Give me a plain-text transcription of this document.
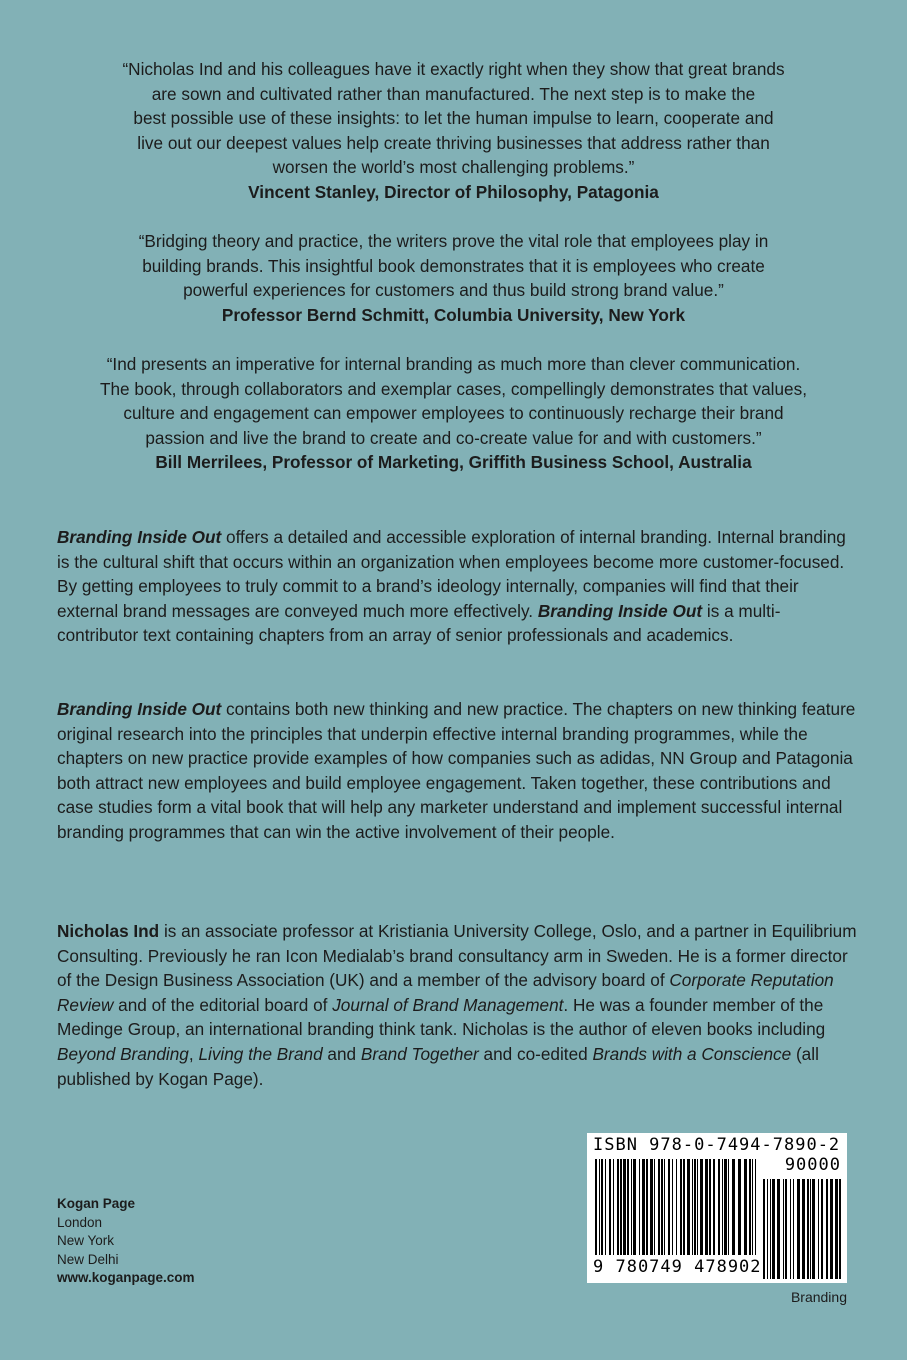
“Nicholas Ind and his colleagues have it exactly right when they show that great brands
are sown and cultivated rather than manufactured. The next step is to make the
best possible use of these insights: to let the human impulse to learn, cooperate and
live out our deepest values help create thriving businesses that address rather than
worsen the world’s most challenging problems.”
Vincent Stanley, Director of Philosophy, Patagonia
“Bridging theory and practice, the writers prove the vital role that employees play in
building brands. This insightful book demonstrates that it is employees who create
powerful experiences for customers and thus build strong brand value.”
Professor Bernd Schmitt, Columbia University, New York
“Ind presents an imperative for internal branding as much more than clever communication.
The book, through collaborators and exemplar cases, compellingly demonstrates that values,
culture and engagement can empower employees to continuously recharge their brand
passion and live the brand to create and co-create value for and with customers.”
Bill Merrilees, Professor of Marketing, Griffith Business School, Australia
Branding Inside Out offers a detailed and accessible exploration of internal branding. Internal branding is the cultural shift that occurs within an organization when employees become more customer-focused. By getting employees to truly commit to a brand’s ideology internally, companies will find that their external brand messages are conveyed much more effectively. Branding Inside Out is a multi-contributor text containing chapters from an array of senior professionals and academics.
Branding Inside Out contains both new thinking and new practice. The chapters on new thinking feature original research into the principles that underpin effective internal branding programmes, while the chapters on new practice provide examples of how companies such as adidas, NN Group and Patagonia both attract new employees and build employee engagement. Taken together, these contributions and case studies form a vital book that will help any marketer understand and implement successful internal branding programmes that can win the active involvement of their people.
Nicholas Ind is an associate professor at Kristiania University College, Oslo, and a partner in Equilibrium Consulting. Previously he ran Icon Medialab’s brand consultancy arm in Sweden. He is a former director of the Design Business Association (UK) and a member of the advisory board of Corporate Reputation Review and of the editorial board of Journal of Brand Management. He was a founder member of the Medinge Group, an international branding think tank. Nicholas is the author of eleven books including Beyond Branding, Living the Brand and Brand Together and co-edited Brands with a Conscience (all published by Kogan Page).
Kogan Page
London
New York
New Delhi
www.koganpage.com
ISBN 978-0-7494-7890-2
90000
9 780749 478902
Branding
